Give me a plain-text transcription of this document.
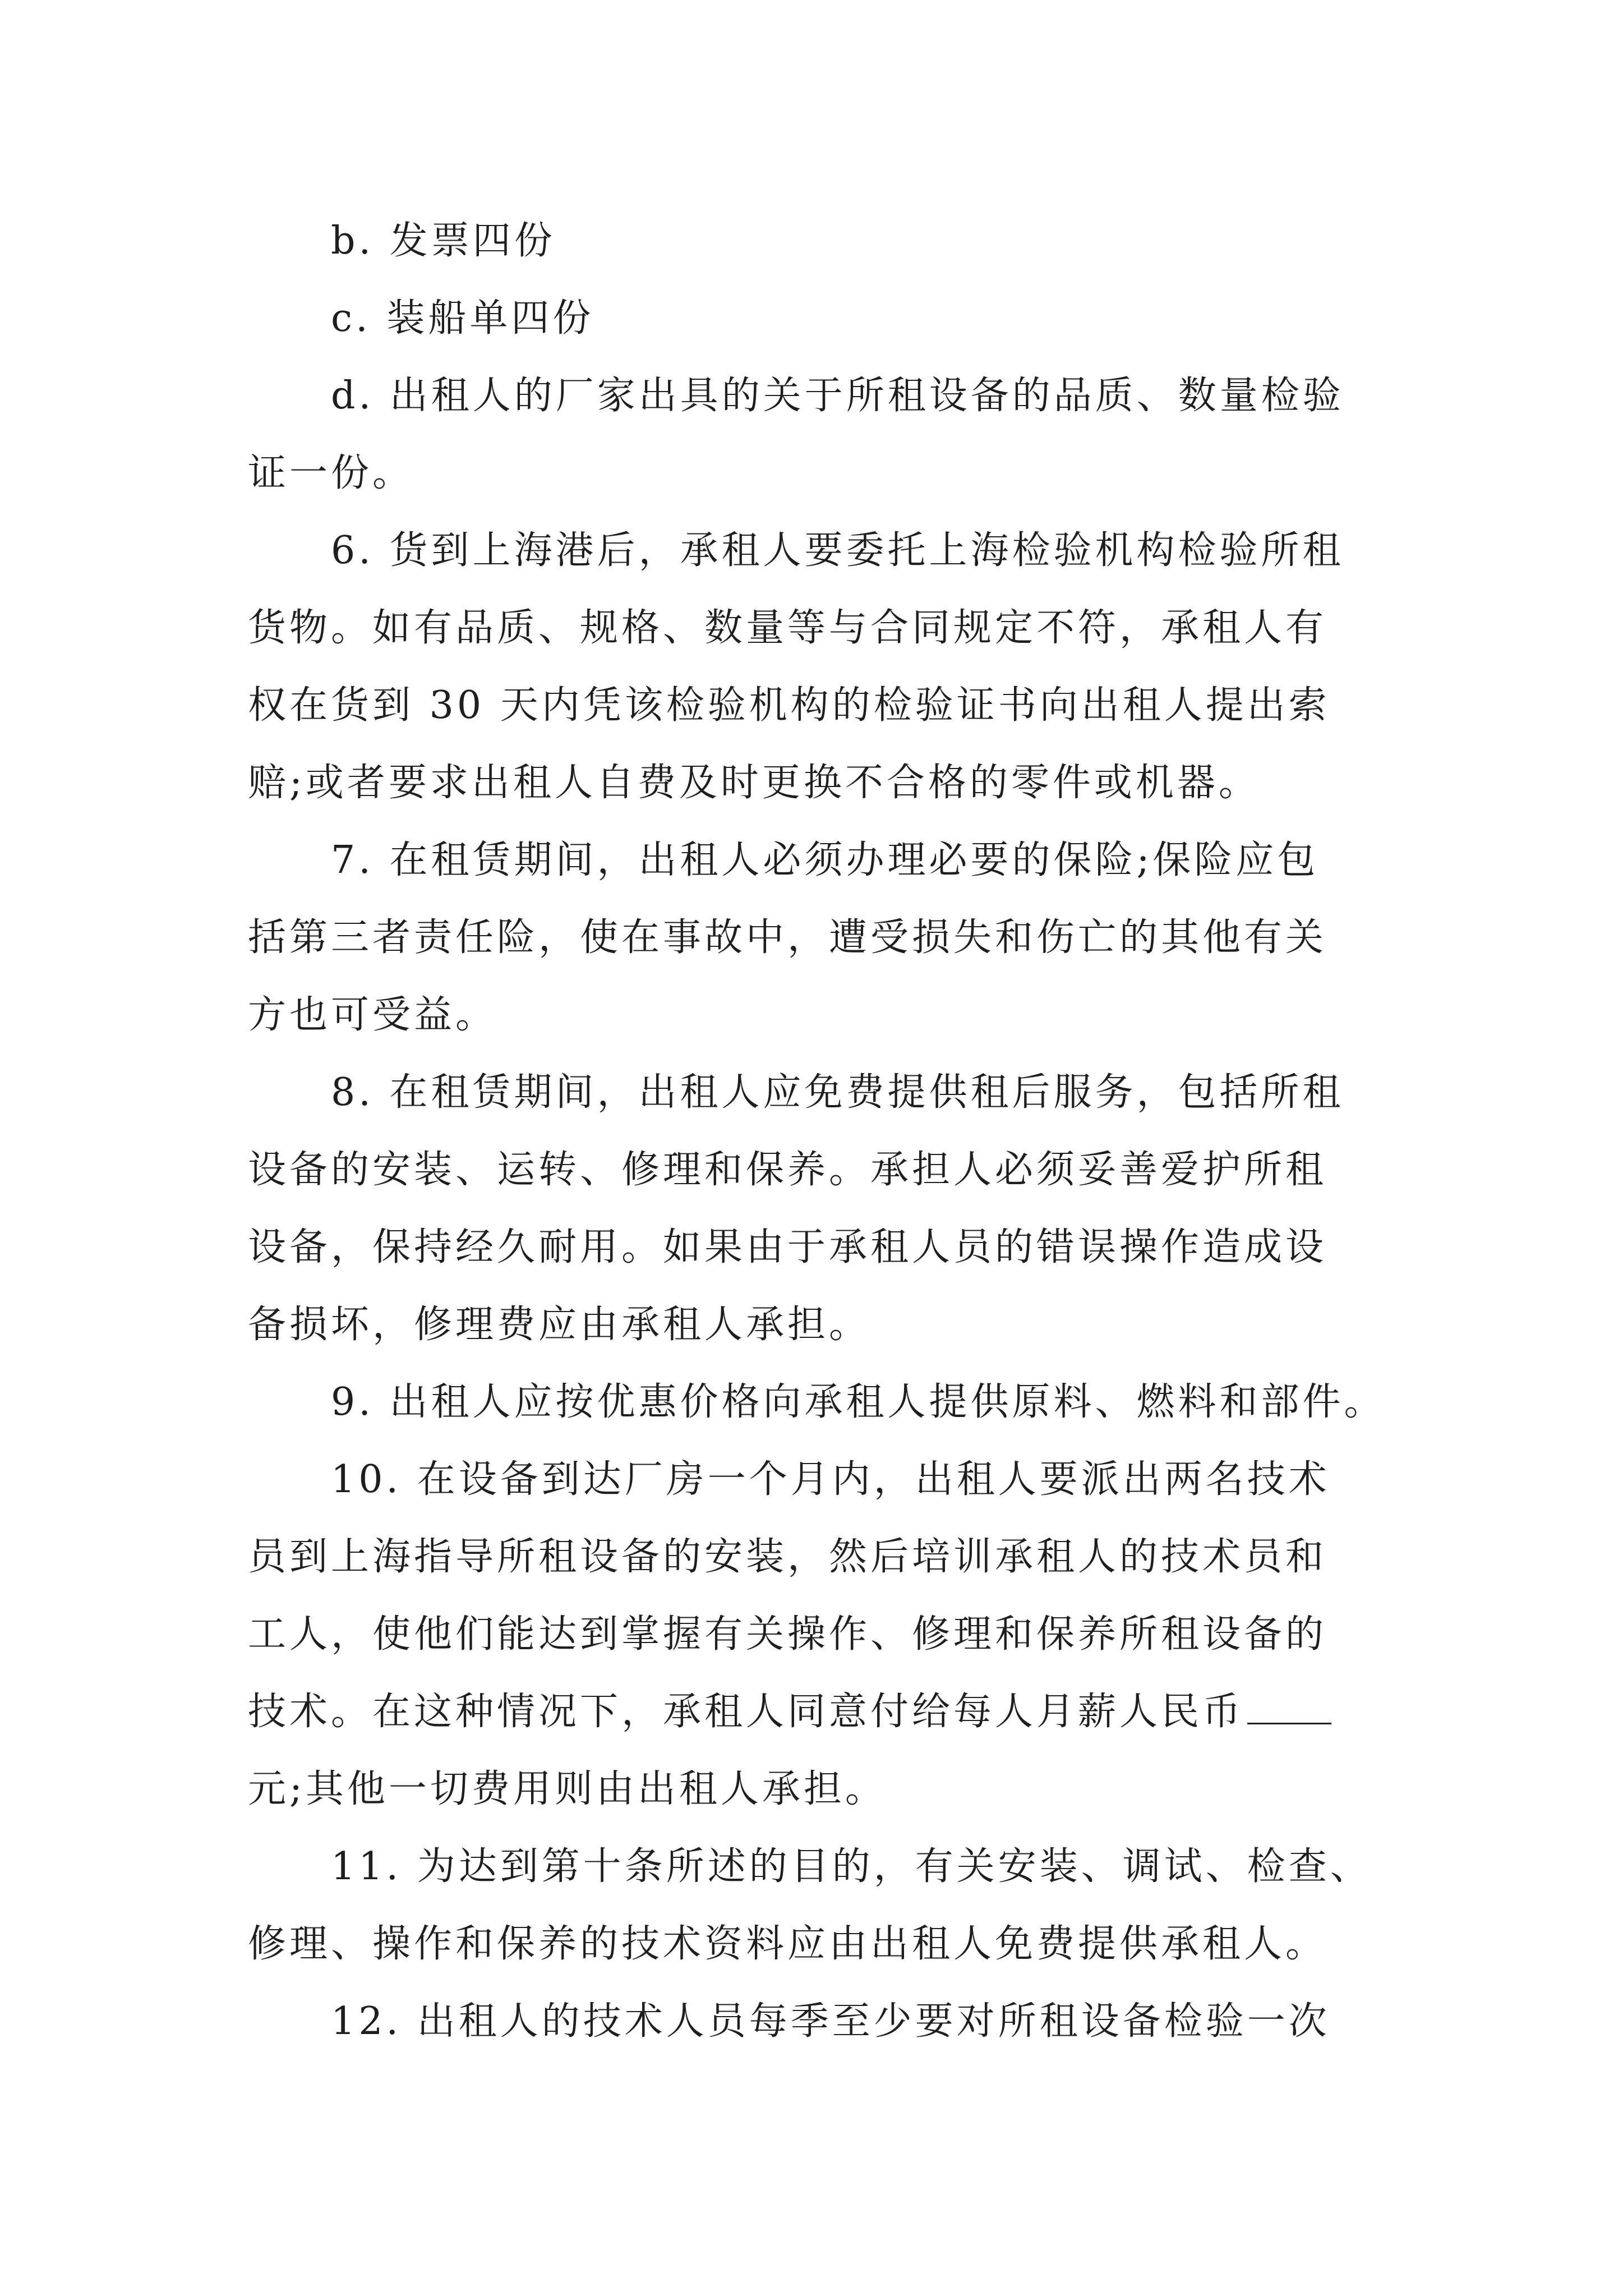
b. 发票四份
c. 装船单四份
d. 出租人的厂家出具的关于所租设备的品质、数量检验
证一份。
6. 货到上海港后，承租人要委托上海检验机构检验所租
货物。如有品质、规格、数量等与合同规定不符，承租人有
权在货到 30 天内凭该检验机构的检验证书向出租人提出索
赔;或者要求出租人自费及时更换不合格的零件或机器。
7. 在租赁期间，出租人必须办理必要的保险;保险应包
括第三者责任险，使在事故中，遭受损失和伤亡的其他有关
方也可受益。
8. 在租赁期间，出租人应免费提供租后服务，包括所租
设备的安装、运转、修理和保养。承担人必须妥善爱护所租
设备，保持经久耐用。如果由于承租人员的错误操作造成设
备损坏，修理费应由承租人承担。
9. 出租人应按优惠价格向承租人提供原料、燃料和部件。
10. 在设备到达厂房一个月内，出租人要派出两名技术
员到上海指导所租设备的安装，然后培训承租人的技术员和
工人，使他们能达到掌握有关操作、修理和保养所租设备的
技术。在这种情况下，承租人同意付给每人月薪人民币
元;其他一切费用则由出租人承担。
11. 为达到第十条所述的目的，有关安装、调试、检查、
修理、操作和保养的技术资料应由出租人免费提供承租人。
12. 出租人的技术人员每季至少要对所租设备检验一次
